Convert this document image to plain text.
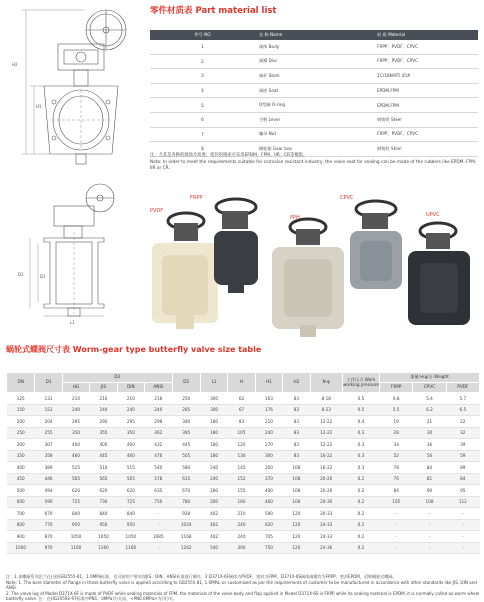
零件材质表 Part material list
件号 NO	名 称 Name	材 质 Material
1	阀体 Body	FRPP、PVDF、CPVC
2	阀瓣 Disc	FRPP、PVDF、CPVC
3	阀杆 Stem	1Cr18Ni9Ti 45#
4	阀座 Seat	EPDM,FPM
5	O型圈 O-ring	EPDM,FPM
6	手柄 Lever	钢铸铁 Steel
7	螺母 Nut	FRPP、PVDF、CPVC
8	蜗轮箱 Gear box	钢铸铁 Steel
注：尤其是各种的腐蚀介质要，密封的阀座可采用EPDM、FPM、IIR、CR等橡胶。
Note: In order to meet the requirements suitable for corrosion resistant industry, the valve seat for sealing can be made of the rubbers like EPDM, FPM, IIR or CR.
H2
H1
D2	D1
L1
FRPP
PVDF
PPH
CPVC
UPVC
蜗轮式蝶阀尺寸表 Worm-gear type butterfly valve size table
DN	D1	D3				D2	L1	H	H1	H2	N-φ	工作压力 Work working pressure	重量>kg/台 Weight		
		HG	JIS	DIN	ANSI								FRPP	CPVC	PVDF
125	131	210	210	210	216	250	300	62	163	83	8-18	0.5	4.8	5.4	5.7
150	153	240	240	240	240	285	300	67	176	83	8-23	0.5	5.5	6.2	6.5
200	204	295	290	295	298	340	180	83	210	83	12-22	0.4	19	21	22
250	255	350	355	350	362	395	180	105	240	83	12-22	0.3	28	30	32
300	307	400	400	400	432	445	180	120	270	83	12-22	0.3	34	36	39
350	358	460	445	460	476	505	180	130	300	83	16-22	0.3	52	56	59
400	389	515	510	515	540	580	240	145	350	108	16-22	0.3	78	84	89
450	446	565	565	565	578	615	240	152	370	108	20-26	0.2	76	81	84
500	494	620	620	620	635	670	260	155	400	108	20-26	0.2	84	90	95
600	590	725	730	725	750	780	260	160	460	108	20-30	0.2	105	108	112
700	670	840	840	840	-	928	402	210	590	120	20-33	0.2	-	-	-
800	770	950	950	950	-	1024	402	240	620	120	24-33	0.2	-	-	-
900	870	1050	1050	1050	1085	1168	402	240	705	120	24-33	0.2	-	-	-
1000	970	1160	1160	1160	-	1262	540	300	750	120	24-36	0.2	-	-	-
注：1.本蝶阀系列法兰孔径按GB2555-81，1.0MPa标准，也可按用户要求按JIS、DIN、ANSI标准进行制作。2.D371X-6F阀体为PVDF，密封为FPM，D371X-6S阀体阀瓣均为FRPP，密封EPDM，适称蜗轮式蝶阀。
Note: 1. The bore diameter of flange in these butterfly valve is applied according to GB2555-81, 1.0MPa, or customized as per the requirements of customer to be manufactured in accordance with other standards like JIS, DIN and ANSI.
2. The valve lug of Model D371X-6F is made of PVDF while sealing materials of FPM, the materials of the valve body and flap applied in Model D371X-6S is FRPP while its sealing material is EPDM, it is normally called as worm wheel butterfly valve. 注：在HG20592-97标准中PN1、0MPa)为关闭、<PN6.0MPa>为(开)关。
